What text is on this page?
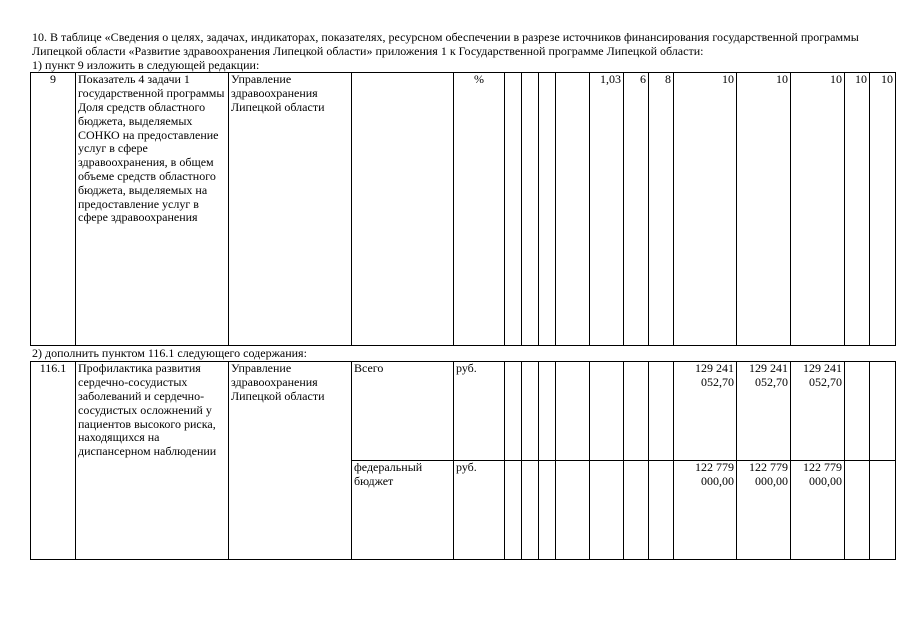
10. В таблице «Сведения о целях, задачах, индикаторах, показателях, ресурсном обеспечении в разрезе источников финансирования государственной программы Липецкой области «Развитие здравоохранения Липецкой области» приложения 1 к Государственной программе Липецкой области:

1) пункт 9 изложить в следующей редакции:

9	Показатель 4 задачи 1 государственной программы Доля средств областного бюджета, выделяемых СОНКО на предоставление услуг в сфере здравоохранения, в общем объеме средств областного бюджета, выделяемых на предоставление услуг в сфере здравоохранения	Управление здравоохранения Липецкой области		%					1,03	6	8	10	10	10	10	10

2) дополнить пунктом 116.1 следующего содержания:

116.1	Профилактика развития сердечно-сосудистых заболеваний и сердечно-сосудистых осложнений у пациентов высокого риска, находящихся на диспансерном наблюдении	Управление здравоохранения Липецкой области	Всего	руб.								129 241 052,70	129 241 052,70	129 241 052,70		
			федеральный бюджет	руб.								122 779 000,00	122 779 000,00	122 779 000,00		
